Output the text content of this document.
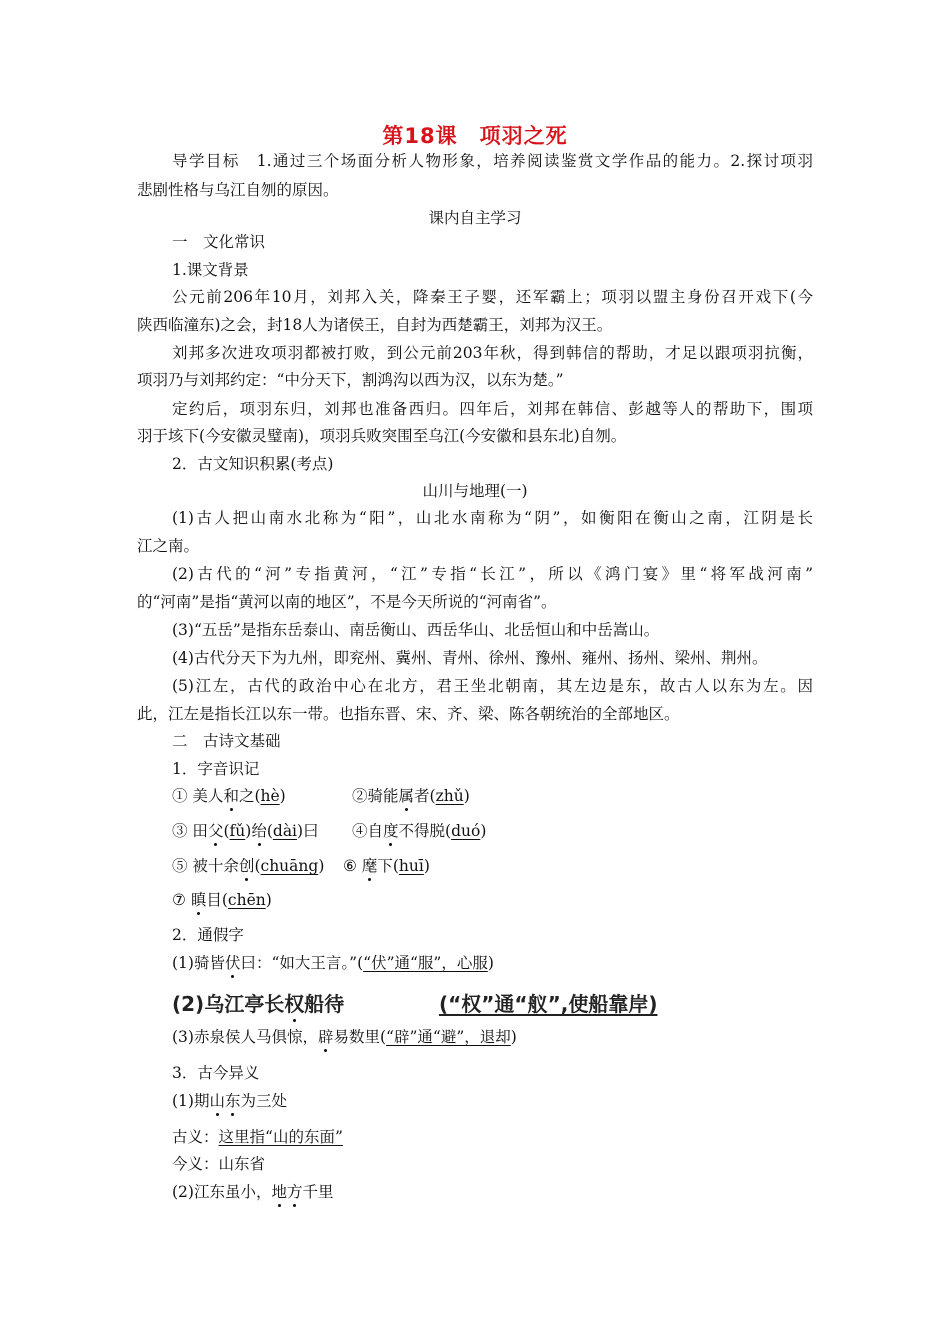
第18课　项羽之死
导学目标　1.通过三个场面分析人物形象，培养阅读鉴赏文学作品的能力。2.探讨项羽
悲剧性格与乌江自刎的原因。
课内自主学习
一　文化常识
1.课文背景
公元前206年10月，刘邦入关，降秦王子婴，还军霸上；项羽以盟主身份召开戏下(今
陕西临潼东)之会，封18人为诸侯王，自封为西楚霸王，刘邦为汉王。
刘邦多次进攻项羽都被打败，到公元前203年秋，得到韩信的帮助，才足以跟项羽抗衡，
项羽乃与刘邦约定：“中分天下，割鸿沟以西为汉，以东为楚。”
定约后，项羽东归，刘邦也准备西归。四年后，刘邦在韩信、彭越等人的帮助下，围项
羽于垓下(今安徽灵璧南)，项羽兵败突围至乌江(今安徽和县东北)自刎。
2．古文知识积累(考点)
山川与地理(一)
(1)古人把山南水北称为“阳”，山北水南称为“阴”，如衡阳在衡山之南，江阴是长
江之南。
(2)古代的“河”专指黄河，“江”专指“长江”，所以《鸿门宴》里“将军战河南”
的“河南”是指“黄河以南的地区”，不是今天所说的“河南省”。
(3)“五岳”是指东岳泰山、南岳衡山、西岳华山、北岳恒山和中岳嵩山。
(4)古代分天下为九州，即兖州、冀州、青州、徐州、豫州、雍州、扬州、梁州、荆州。
(5)江左，古代的政治中心在北方，君王坐北朝南，其左边是东，故古人以东为左。因
此，江左是指长江以东一带。也指东晋、宋、齐、梁、陈各朝统治的全部地区。
二　古诗文基础
1．字音识记
① 美人和之(hè)	②骑能属者(zhǔ)
③ 田父(fǔ)绐(dài)曰 ④自度不得脱(duó)
⑤ 被十余创(chuāng) ⑥ 麾下(huī)
⑦ 瞋目(chēn)
2．通假字
(1)骑皆伏曰：“如大王言。”(“伏”通“服”，心服)
(2)乌江亭长权船待	(“权”通“舣”,使船靠岸)
(3)赤泉侯人马俱惊，辟易数里(“辟”通“避”，退却)
3．古今异义
(1)期山东为三处
古义：这里指“山的东面”
今义：山东省
(2)江东虽小，地方千里
